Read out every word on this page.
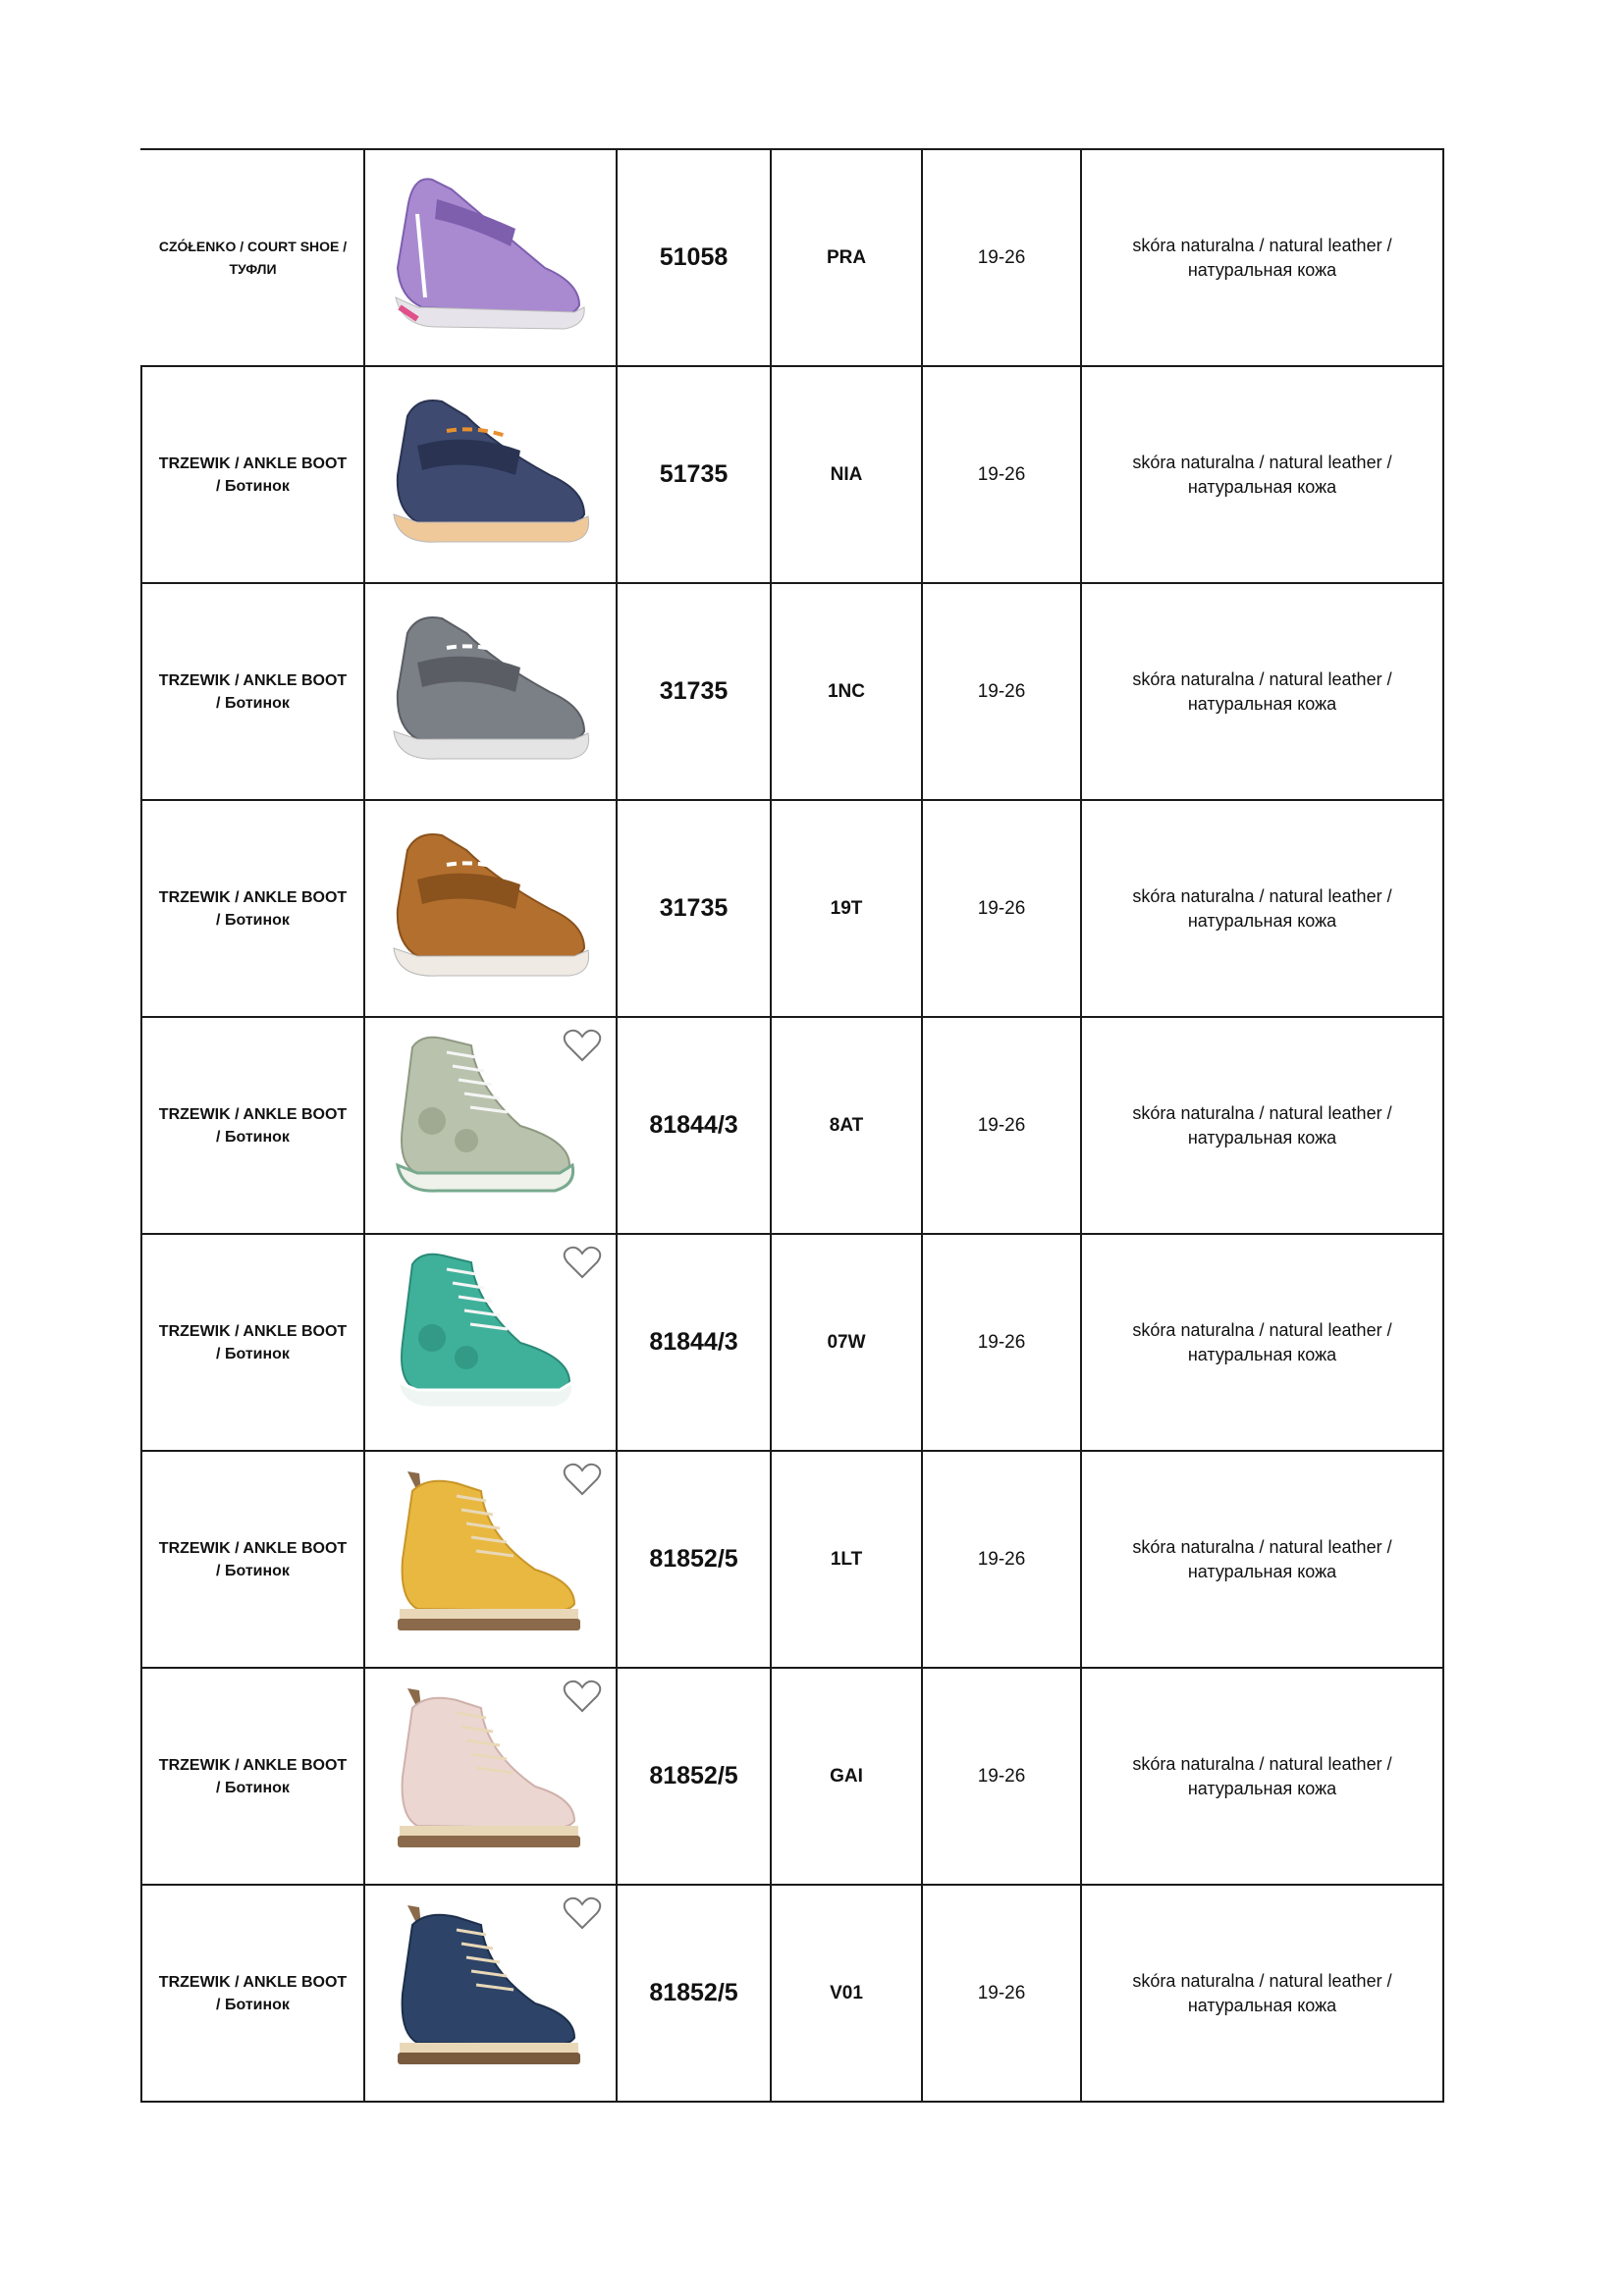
CZÓŁENKO / COURT SHOE / ТУФЛИ		51058	PRA	19-26	skóra naturalna / natural leather / натуральная кожа
TRZEWIK / ANKLE BOOT / Ботинок		51735	NIA	19-26	skóra naturalna / natural leather / натуральная кожа
TRZEWIK / ANKLE BOOT / Ботинок		31735	1NC	19-26	skóra naturalna / natural leather / натуральная кожа
TRZEWIK / ANKLE BOOT / Ботинок		31735	19T	19-26	skóra naturalna / natural leather / натуральная кожа
TRZEWIK / ANKLE BOOT / Ботинок		81844/3	8AT	19-26	skóra naturalna / natural leather / натуральная кожа
TRZEWIK / ANKLE BOOT / Ботинок		81844/3	07W	19-26	skóra naturalna / natural leather / натуральная кожа
TRZEWIK / ANKLE BOOT / Ботинок		81852/5	1LT	19-26	skóra naturalna / natural leather / натуральная кожа
TRZEWIK / ANKLE BOOT / Ботинок		81852/5	GAI	19-26	skóra naturalna / natural leather / натуральная кожа
TRZEWIK / ANKLE BOOT / Ботинок		81852/5	V01	19-26	skóra naturalna / natural leather / натуральная кожа
